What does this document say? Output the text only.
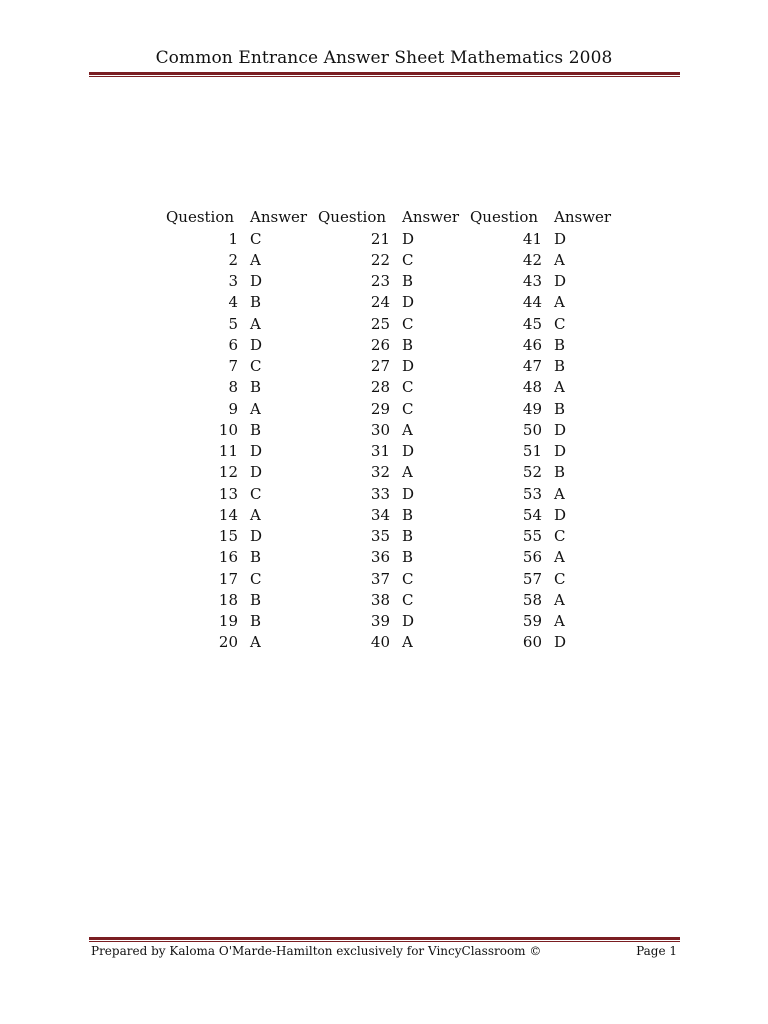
Common Entrance Answer Sheet Mathematics 2008
Question	Answer	Question	Answer	Question	Answer
1	C	21	D	41	D
2	A	22	C	42	A
3	D	23	B	43	D
4	B	24	D	44	A
5	A	25	C	45	C
6	D	26	B	46	B
7	C	27	D	47	B
8	B	28	C	48	A
9	A	29	C	49	B
10	B	30	A	50	D
11	D	31	D	51	D
12	D	32	A	52	B
13	C	33	D	53	A
14	A	34	B	54	D
15	D	35	B	55	C
16	B	36	B	56	A
17	C	37	C	57	C
18	B	38	C	58	A
19	B	39	D	59	A
20	A	40	A	60	D
Prepared by Kaloma O'Marde-Hamilton exclusively for VincyClassroom ©	Page 1
